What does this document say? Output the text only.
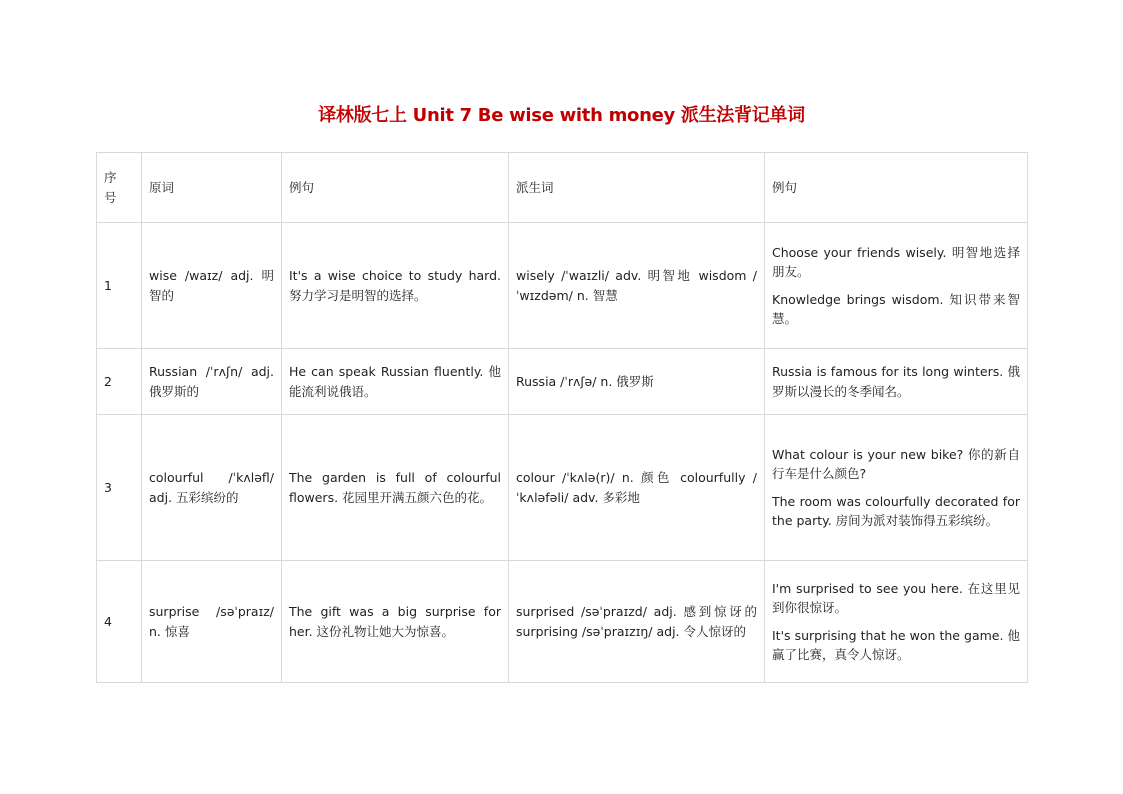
译林版七上 Unit 7 Be wise with money 派生法背记单词
序号	原词	例句	派生词	例句
1	wise /waɪz/ adj. 明智的	It's a wise choice to study hard. 努力学习是明智的选择。	wisely /ˈwaɪzli/ adv. 明智地 wisdom /ˈwɪzdəm/ n. 智慧	Choose your friends wisely. 明智地选择朋友。

Knowledge brings wisdom. 知识带来智慧。

2	Russian /ˈrʌʃn/ adj. 俄罗斯的	He can speak Russian fluently. 他能流利说俄语。	Russia /ˈrʌʃə/ n. 俄罗斯	Russia is famous for its long winters. 俄罗斯以漫长的冬季闻名。

3	colourful /ˈkʌləfl/ adj. 五彩缤纷的	The garden is full of colourful flowers. 花园里开满五颜六色的花。	colour /ˈkʌlə(r)/ n. 颜色 colourfully /ˈkʌləfəli/ adv. 多彩地	What colour is your new bike? 你的新自行车是什么颜色?

The room was colourfully decorated for the party. 房间为派对装饰得五彩缤纷。

4	surprise /səˈpraɪz/ n. 惊喜	The gift was a big surprise for her. 这份礼物让她大为惊喜。	surprised /səˈpraɪzd/ adj. 感到惊讶的 surprising /səˈpraɪzɪŋ/ adj. 令人惊讶的	I'm surprised to see you here. 在这里见到你很惊讶。

It's surprising that he won the game. 他赢了比赛，真令人惊讶。
